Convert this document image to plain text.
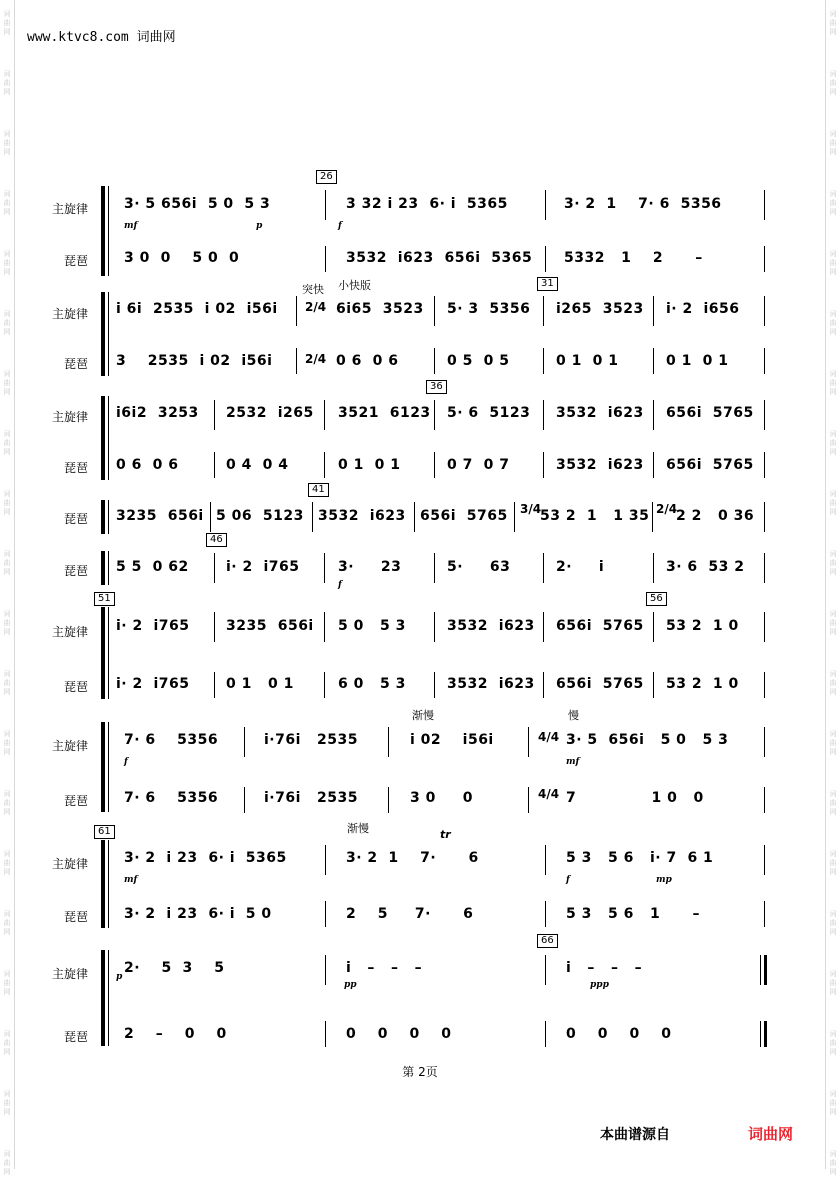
www.ktvc8.com 词曲网
主旋律
琵琶
26
3· 5 656i  5 0  5 3	3 32 i 23  6· i  5365	3· 2  1    7· 6  5356
3 0  0    5 0  0	3532  i623  656i  5365 5332   1    2      –
mf	p	f
主旋律
琵琶
突快 小快版	31
2/4
2/4
i 6i  2535  i 02  i56i	6i65  3523 5· 3  5356 i265  3523 i· 2  i656
3    2535  i 02  i56i	0 6  0 6	0 5  0 5	0 1  0 1	0 1  0 1
主旋律
琵琶
36
i6i2  3253 2532  i265 3521  6123 5· 6  5123 3532  i623 656i  5765
0 6  0 6	0 4  0 4	0 1  0 1	0 7  0 7	3532  i623 656i  5765
琵琶
41
3235  656i 5 06  5123 3532  i623 656i  5765 3/4
53 2  1   1 35 2/4
2 2   0 36
琵琶
46
5 5  0 62	i· 2  i765	3·     23	5·     63	2·     i	3· 6  53 2
f
51	56
主旋律
琵琶
i· 2  i765	3235  656i 5 0   5 3	3532  i623 656i  5765 53 2  1 0
i· 2  i765	0 1   0 1	6 0   5 3	3532  i623 656i  5765 53 2  1 0
渐慢	慢
主旋律
琵琶
7· 6    5356	i·76i   2535	i 02    i56i	4/4 3· 5  656i   5 0   5 3
7· 6    5356	i·76i   2535	3 0     0	4/4 7              1 0   0
f	mf
61	渐慢	tr
主旋律
琵琶
3· 2  i 23  6· i  5365	3· 2  1    7·      6	5 3   5 6   i· 7  6 1
3· 2  i 23  6· i  5 0	2    5     7·      6	5 3   5 6   1      –
mf	f	mp
66
主旋律
琵琶
2·    5  3    5	i   –   –   –	i   –   –   –
2    –    0    0	0    0    0    0	0    0    0    0
p
pp	ppp
第 2页
本曲谱源自	词曲网
词
曲
网
词
曲
网
词
曲
网
词
曲
网
词
曲
网
词
曲
网
词
曲
网
词
曲
网
词
曲
网
词
曲
网
词
曲
网
词
曲
网
词
曲
网
词
曲
网
词
曲
网
词
曲
网
词
曲
网
词
曲
网
词
曲
网
词
曲
网
词
曲
网
词
曲
网
词
曲
网
词
曲
网
词
曲
网
词
曲
网
词
曲
网
词
曲
网
词
曲
网
词
曲
网
词
曲
网
词
曲
网
词
曲
网
词
曲
网
词
曲
网
词
曲
网
词
曲
网
词
曲
网
词
曲
网
词
曲
网
